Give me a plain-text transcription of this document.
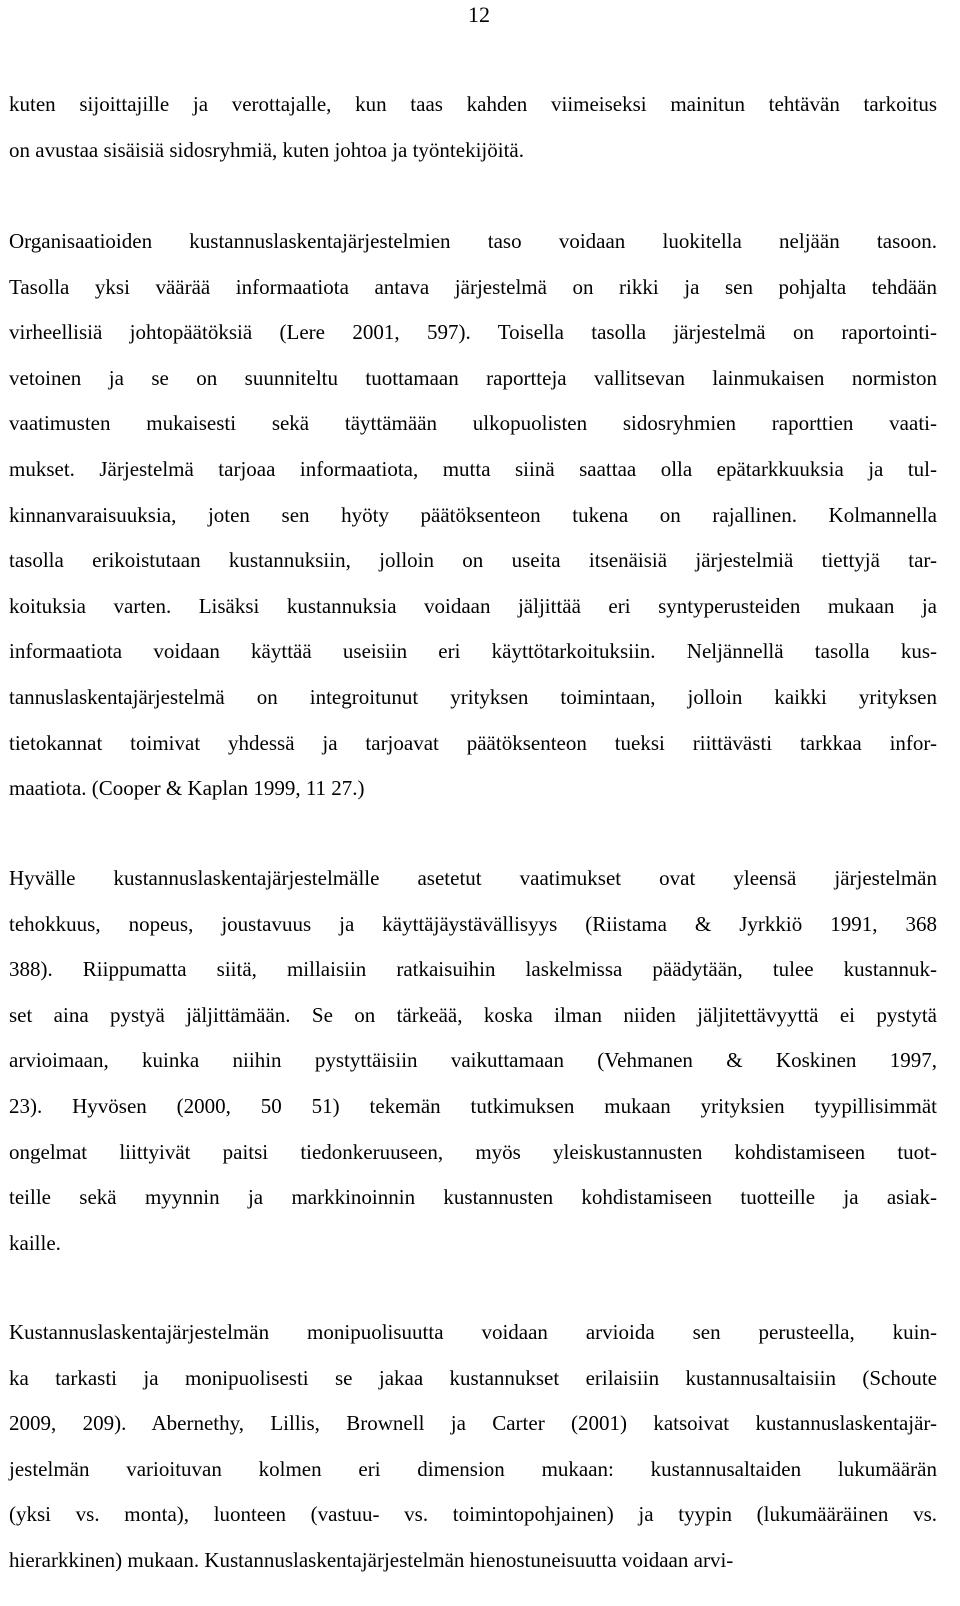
12
kuten sijoittajille ja verottajalle, kun taas kahden viimeiseksi mainitun tehtävän tarkoitus
on avustaa sisäisiä sidosryhmiä, kuten johtoa ja työntekijöitä.
Organisaatioiden kustannuslaskentajärjestelmien taso voidaan luokitella neljään tasoon.
Tasolla yksi väärää informaatiota antava järjestelmä on rikki ja sen pohjalta tehdään
virheellisiä johtopäätöksiä (Lere 2001, 597). Toisella tasolla järjestelmä on raportointi-
vetoinen ja se on suunniteltu tuottamaan raportteja vallitsevan lainmukaisen normiston
vaatimusten mukaisesti sekä täyttämään ulkopuolisten sidosryhmien raporttien vaati-
mukset. Järjestelmä tarjoaa informaatiota, mutta siinä saattaa olla epätarkkuuksia ja tul-
kinnanvaraisuuksia, joten sen hyöty päätöksenteon tukena on rajallinen. Kolmannella
tasolla erikoistutaan kustannuksiin, jolloin on useita itsenäisiä järjestelmiä tiettyjä tar-
koituksia varten. Lisäksi kustannuksia voidaan jäljittää eri syntyperusteiden mukaan ja
informaatiota voidaan käyttää useisiin eri käyttötarkoituksiin. Neljännellä tasolla kus-
tannuslaskentajärjestelmä on integroitunut yrityksen toimintaan, jolloin kaikki yrityksen
tietokannat toimivat yhdessä ja tarjoavat päätöksenteon tueksi riittävästi tarkkaa infor-
maatiota. (Cooper & Kaplan 1999, 11 27.)
Hyvälle kustannuslaskentajärjestelmälle asetetut vaatimukset ovat yleensä järjestelmän
tehokkuus, nopeus, joustavuus ja käyttäjäystävällisyys (Riistama & Jyrkkiö 1991, 368
388). Riippumatta siitä, millaisiin ratkaisuihin laskelmissa päädytään, tulee kustannuk-
set aina pystyä jäljittämään. Se on tärkeää, koska ilman niiden jäljitettävyyttä ei pystytä
arvioimaan, kuinka niihin pystyttäisiin vaikuttamaan (Vehmanen & Koskinen 1997,
23). Hyvösen (2000, 50 51) tekemän tutkimuksen mukaan yrityksien tyypillisimmät
ongelmat liittyivät paitsi tiedonkeruuseen, myös yleiskustannusten kohdistamiseen tuot-
teille sekä myynnin ja markkinoinnin kustannusten kohdistamiseen tuotteille ja asiak-
kaille.
Kustannuslaskentajärjestelmän monipuolisuutta voidaan arvioida sen perusteella, kuin-
ka tarkasti ja monipuolisesti se jakaa kustannukset erilaisiin kustannusaltaisiin (Schoute
2009, 209). Abernethy, Lillis, Brownell ja Carter (2001) katsoivat kustannuslaskentajär-
jestelmän varioituvan kolmen eri dimension mukaan: kustannusaltaiden lukumäärän
(yksi vs. monta), luonteen (vastuu- vs. toimintopohjainen) ja tyypin (lukumääräinen vs.
hierarkkinen) mukaan. Kustannuslaskentajärjestelmän hienostuneisuutta voidaan arvi-
